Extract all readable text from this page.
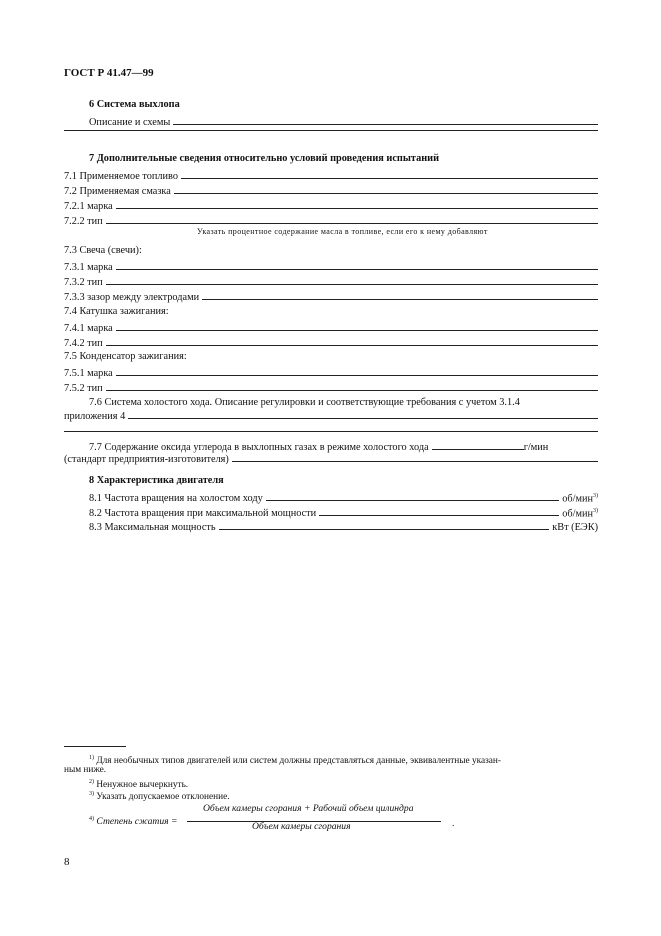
ГОСТ Р 41.47—99
6 Система выхлопа
Описание и схемы
7 Дополнительные сведения относительно условий проведения испытаний
7.1 Применяемое топливо
7.2 Применяемая смазка
7.2.1 марка
7.2.2 тип
Указать процентное содержание масла в топливе, если его к нему добавляют
7.3 Свеча (свечи):
7.3.1 марка
7.3.2 тип
7.3.3 зазор между электродами
7.4 Катушка зажигания:
7.4.1 марка
7.4.2 тип
7.5 Конденсатор зажигания:
7.5.1 марка
7.5.2 тип
7.6 Система холостого хода. Описание регулировки и соответствующие требования с учетом 3.1.4
приложения 4
7.7 Содержание оксида углерода в выхлопных газах в режиме холостого хода	г/мин
(стандарт предприятия-изготовителя)
8 Характеристика двигателя
8.1 Частота вращения на холостом ходу	об/мин$^{3)}$
8.2 Частота вращения при максимальной мощности	об/мин$^{3)}$
8.3 Максимальная мощность	кВт (ЕЭК)
$^{1)}$ Для необычных типов двигателей или систем должны представляться данные, эквивалентные указан-
ным ниже.
$^{2)}$ Ненужное вычеркнуть.
$^{3)}$ Указать допускаемое отклонение.
$^{4)}$ Степень сжатия =
Объем камеры сгорания + Рабочий объем цилиндра
Объем камеры сгорания	.
8
